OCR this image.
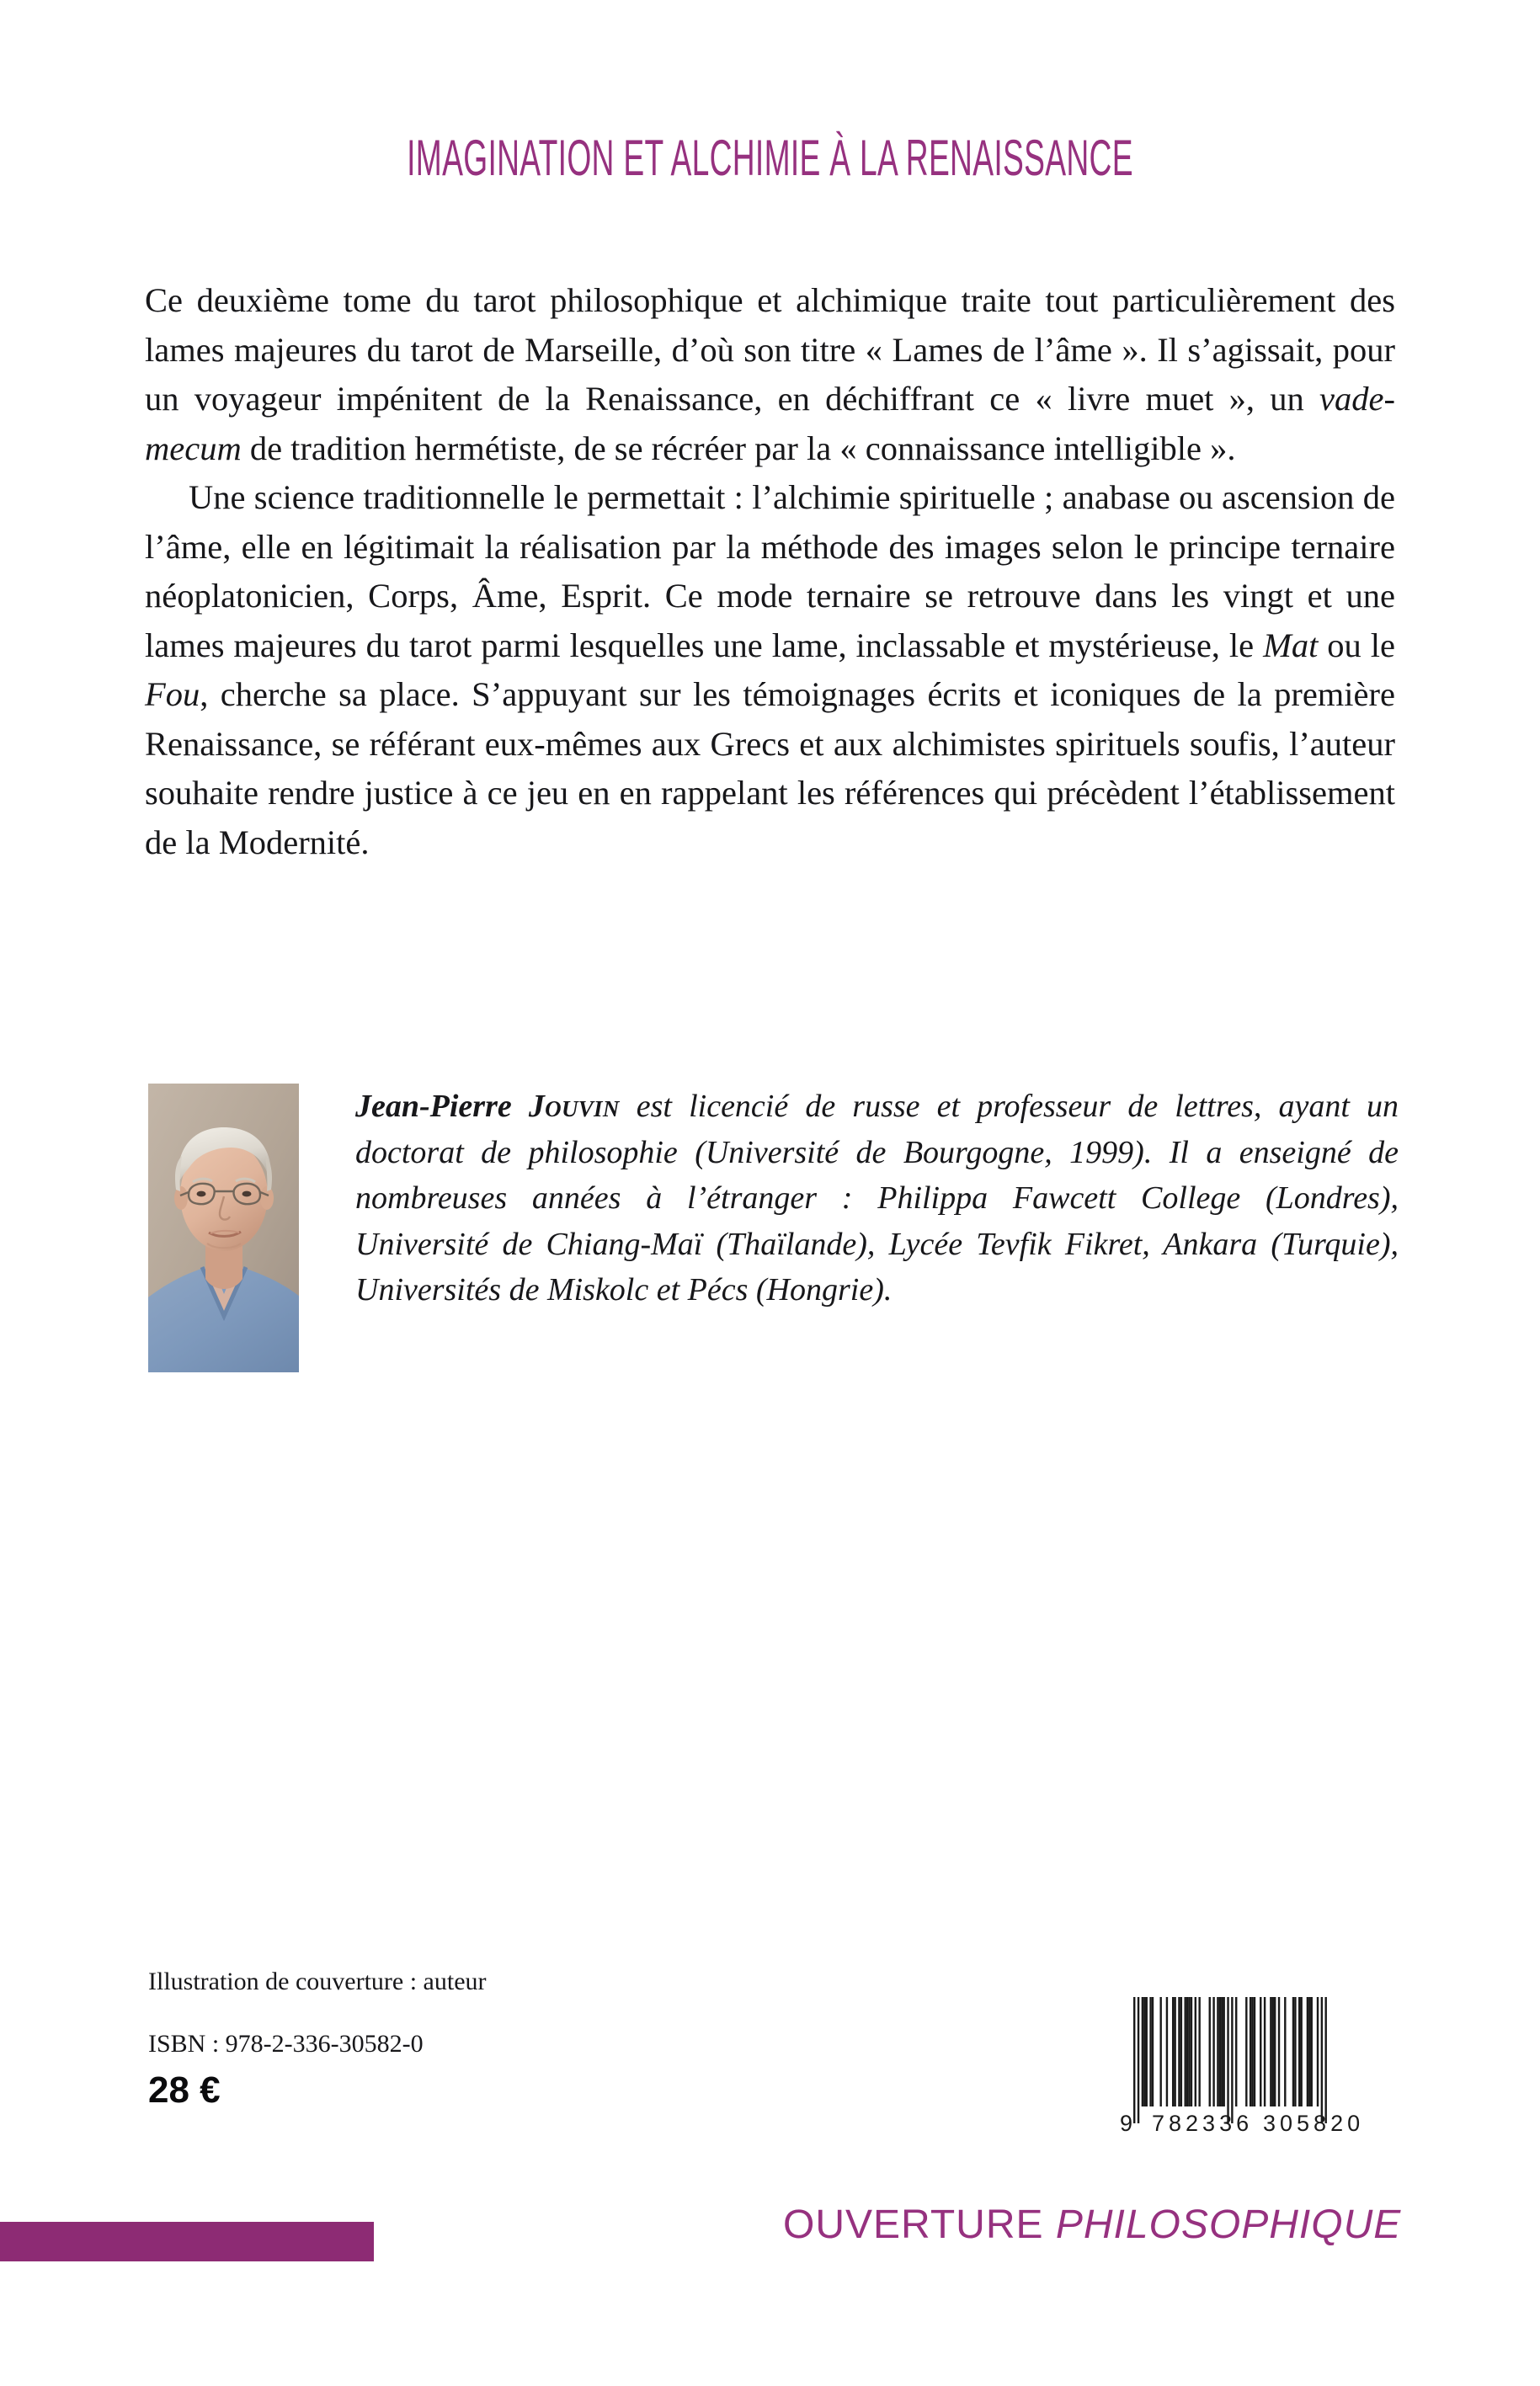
IMAGINATION ET ALCHIMIE À LA RENAISSANCE

Ce deuxième tome du tarot philosophique et alchimique traite tout particulièrement des lames majeures du tarot de Marseille, d’où son titre « Lames de l’âme ». Il s’agissait, pour un voyageur impénitent de la Renaissance, en déchiffrant ce « livre muet », un vade-mecum de tradition hermétiste, de se récréer par la « connaissance intelligible ».

Une science traditionnelle le permettait : l’alchimie spirituelle ; anabase ou ascension de l’âme, elle en légitimait la réalisation par la méthode des images selon le principe ternaire néoplatonicien, Corps, Âme, Esprit. Ce mode ternaire se retrouve dans les vingt et une lames majeures du tarot parmi lesquelles une lame, inclassable et mystérieuse, le Mat ou le Fou, cherche sa place. S’appuyant sur les témoignages écrits et iconiques de la première Renaissance, se référant eux-mêmes aux Grecs et aux alchimistes spirituels soufis, l’auteur souhaite rendre justice à ce jeu en en rappelant les références qui précèdent l’établissement de la Modernité.

Jean-Pierre Jouvin est licencié de russe et professeur de lettres, ayant un doctorat de philosophie (Université de Bourgogne, 1999). Il a enseigné de nombreuses années à l’étranger : Philippa Fawcett College (Londres), Université de Chiang-Maï (Thaïlande), Lycée Tevfik Fikret, Ankara (Turquie), Universités de Miskolc et Pécs (Hongrie).
Illustration de couverture : auteur
ISBN : 978-2-336-30582-0
28 €
9 782336 305820
OUVERTURE PHILOSOPHIQUE
